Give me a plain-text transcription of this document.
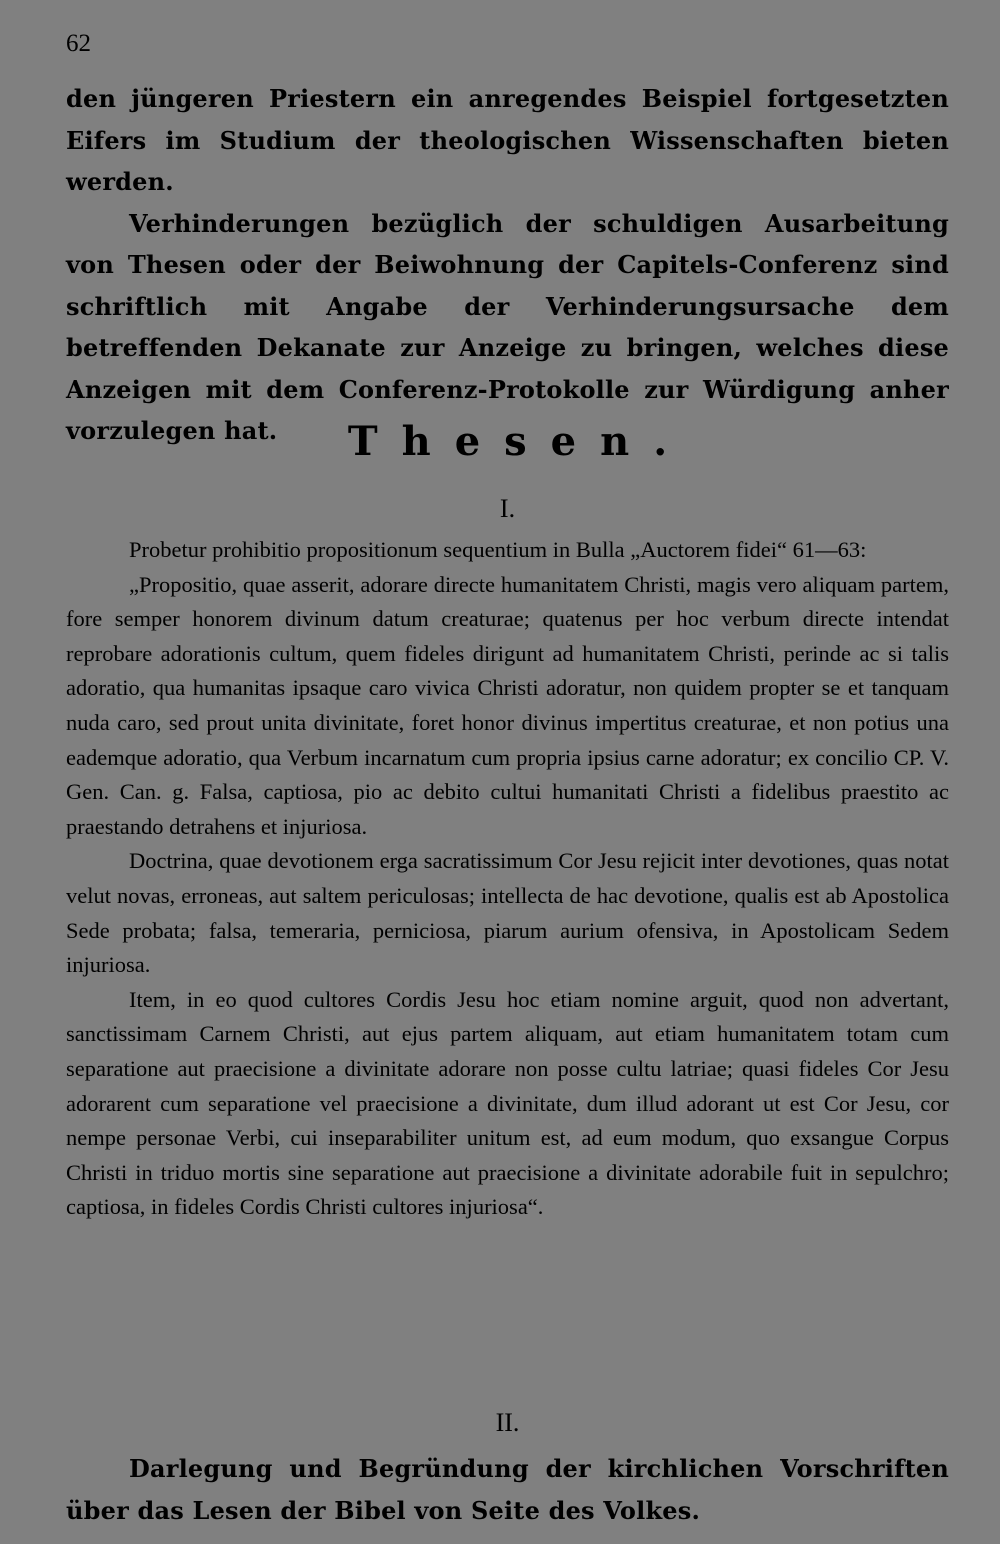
62

den jüngeren Priestern ein anregendes Beispiel fortgesetzten Eifers im Studium der theologischen Wissenschaften bieten werden.

Verhinderungen bezüglich der schuldigen Ausarbeitung von Thesen oder der Beiwohnung der Capitels-Conferenz sind schriftlich mit Angabe der Verhinderungsursache dem betreffenden Dekanate zur Anzeige zu bringen, welches diese Anzeigen mit dem Conferenz-Protokolle zur Würdigung anher vorzulegen hat.	Thesen.
I.

Probetur prohibitio propositionum sequentium in Bulla „Auctorem fidei“ 61—63:

„Propositio, quae asserit, adorare directe humanitatem Christi, magis vero aliquam partem, fore semper honorem divinum datum creaturae; quatenus per hoc verbum directe intendat reprobare adorationis cultum, quem fideles dirigunt ad humanitatem Christi, perinde ac si talis adoratio, qua humanitas ipsaque caro vivica Christi adoratur, non quidem propter se et tanquam nuda caro, sed prout unita divinitate, foret honor divinus impertitus creaturae, et non potius una eademque adoratio, qua Verbum incarnatum cum propria ipsius carne adoratur; ex concilio CP. V. Gen. Can. g. Falsa, captiosa, pio ac debito cultui humanitati Christi a fidelibus praestito ac praestando detrahens et injuriosa.

Doctrina, quae devotionem erga sacratissimum Cor Jesu rejicit inter devotiones, quas notat velut novas, erroneas, aut saltem periculosas; intellecta de hac devotione, qualis est ab Apostolica Sede probata; falsa, temeraria, perniciosa, piarum aurium ofensiva, in Apostolicam Sedem injuriosa.

Item, in eo quod cultores Cordis Jesu hoc etiam nomine arguit, quod non advertant, sanctissimam Carnem Christi, aut ejus partem aliquam, aut etiam humanitatem totam cum separatione aut praecisione a divinitate adorare non posse cultu latriae; quasi fideles Cor Jesu adorarent cum separatione vel praecisione a divinitate, dum illud adorant ut est Cor Jesu, cor nempe personae Verbi, cui inseparabiliter unitum est, ad eum modum, quo exsangue Corpus Christi in triduo mortis sine separatione aut praecisione a divinitate adorabile fuit in sepulchro; captiosa, in fideles Cordis Christi cultores injuriosa“.

II.

Darlegung und Begründung der kirchlichen Vorschriften über das Lesen der Bibel von Seite des Volkes.
